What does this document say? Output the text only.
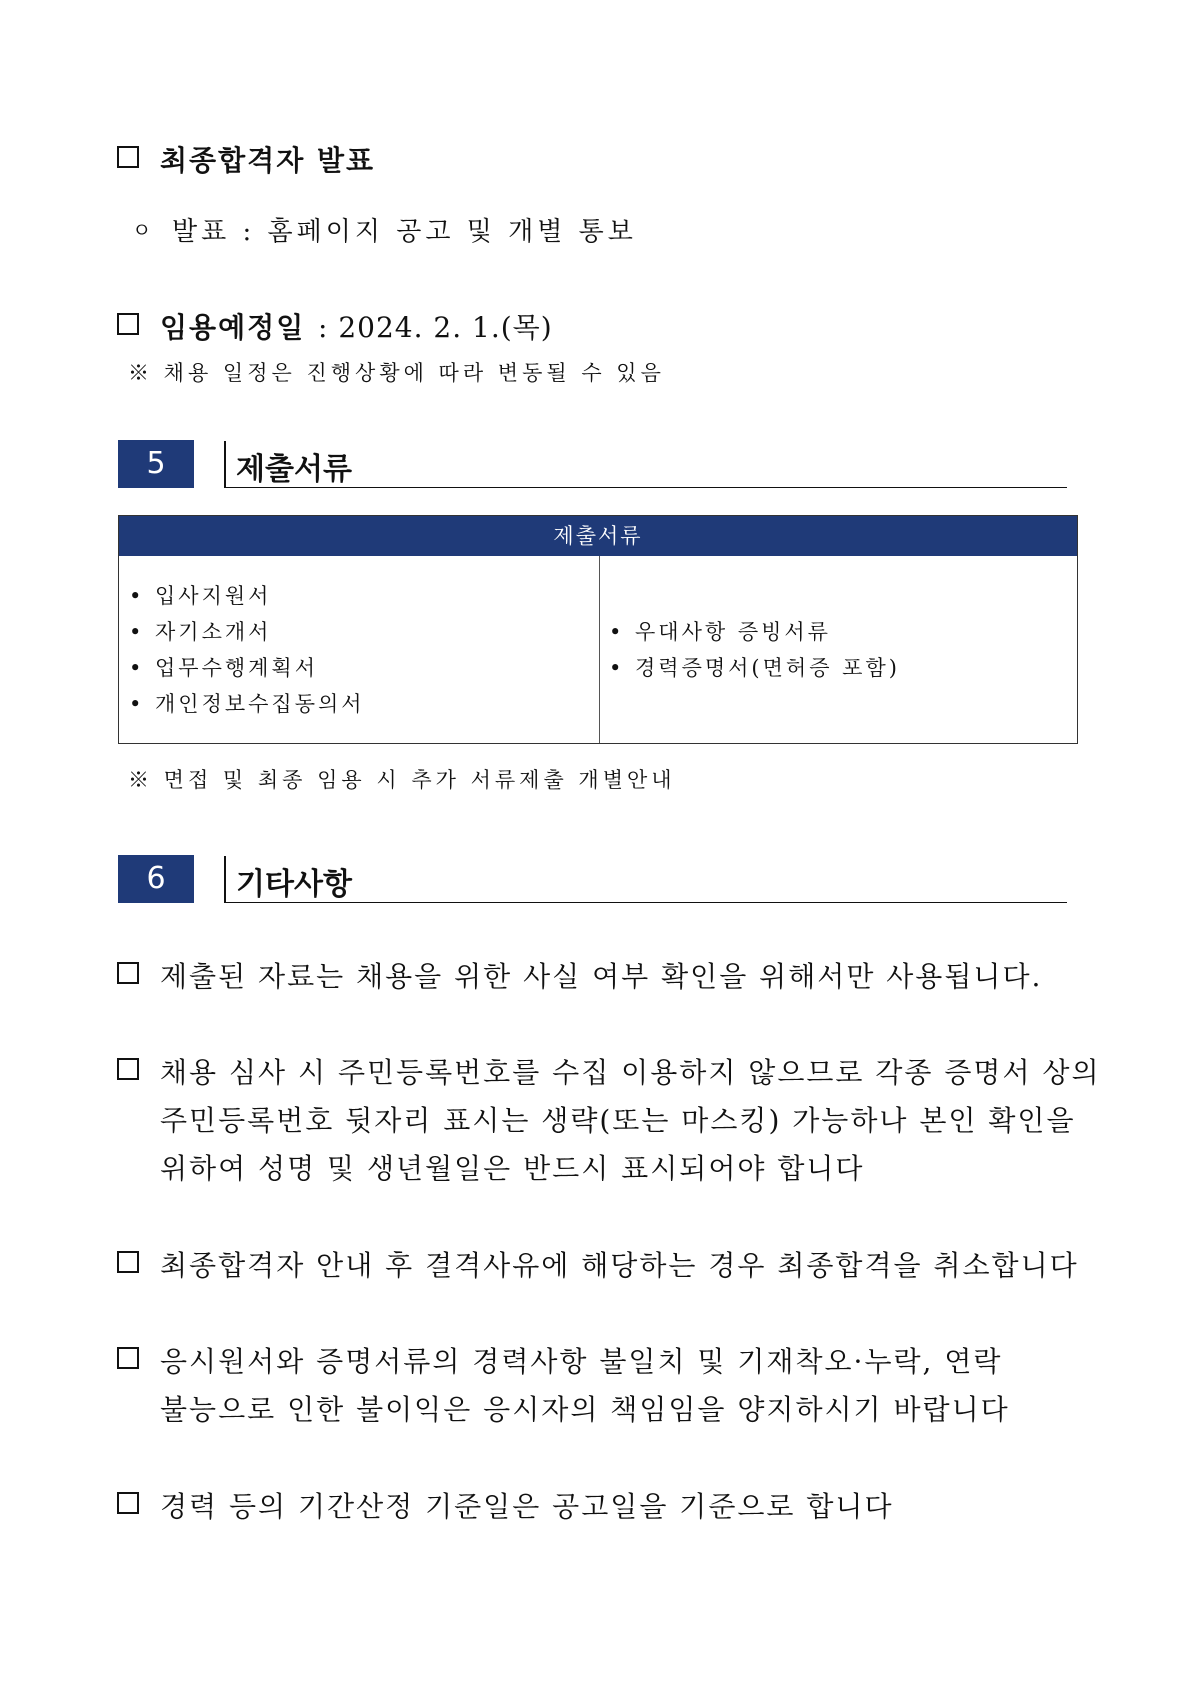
최종합격자 발표
ㅇ 발표 : 홈페이지 공고 및 개별 통보
임용예정일 : 2024. 2. 1.(목)
※ 채용 일정은 진행상황에 따라 변동될 수 있음
5	제출서류
제출서류
• 입사지원서
• 자기소개서
• 업무수행계획서
• 개인정보수집동의서
• 우대사항 증빙서류
• 경력증명서(면허증 포함)
※ 면접 및 최종 임용 시 추가 서류제출 개별안내
6	기타사항
제출된 자료는 채용을 위한 사실 여부 확인을 위해서만 사용됩니다.
채용 심사 시 주민등록번호를 수집 이용하지 않으므로 각종 증명서 상의
주민등록번호 뒷자리 표시는 생략(또는 마스킹) 가능하나 본인 확인을
위하여 성명 및 생년월일은 반드시 표시되어야 합니다
최종합격자 안내 후 결격사유에 해당하는 경우 최종합격을 취소합니다
응시원서와 증명서류의 경력사항 불일치 및 기재착오·누락, 연락
불능으로 인한 불이익은 응시자의 책임임을 양지하시기 바랍니다
경력 등의 기간산정 기준일은 공고일을 기준으로 합니다
